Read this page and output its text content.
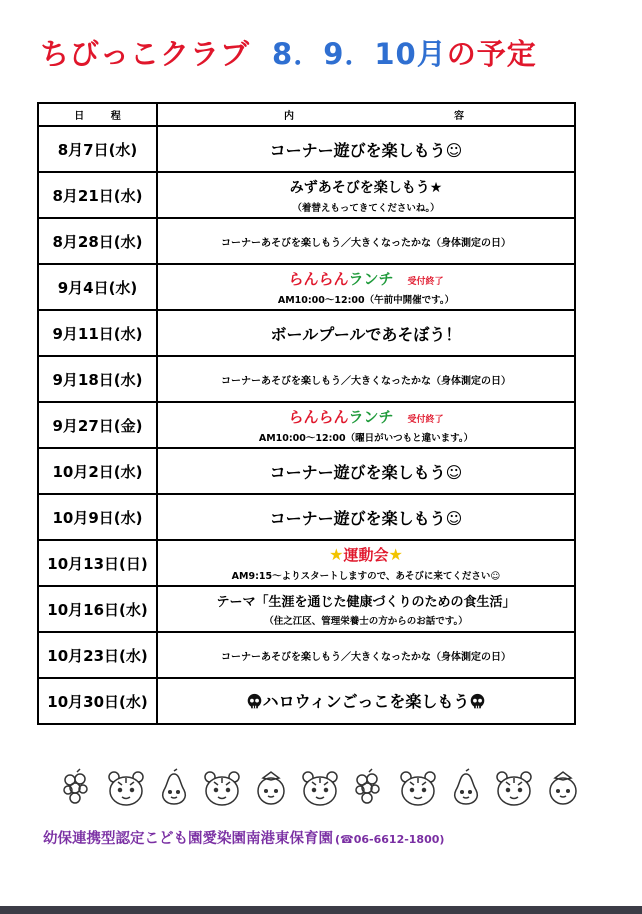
ちびっこクラブ 8．9．10月の予定
日 程	内 容

8月7日(水)	コーナー遊びを楽しもう☺
8月21日(水)	みずあそびを楽しもう★
（着替えもってきてくださいね。）

8月28日(水)	コーナーあそびを楽しもう／大きくなったかな（身体測定の日）
9月4日(水)	らんらんランチ 受付終了
AM10:00～12:00（午前中開催です。）

9月11日(水)	ボールプールであそぼう！
9月18日(水)	コーナーあそびを楽しもう／大きくなったかな（身体測定の日）
9月27日(金)	らんらんランチ 受付終了
AM10:00～12:00（曜日がいつもと違います。）

10月2日(水)	コーナー遊びを楽しもう☺
10月9日(水)	コーナー遊びを楽しもう☺
10月13日(日)	★運動会★
AM9:15～よりスタートしますので、あそびに来てください☺

10月16日(水)	テーマ「生涯を通じた健康づくりのための食生活」
（住之江区、管理栄養士の方からのお話です。）

10月23日(水)	コーナーあそびを楽しもう／大きくなったかな（身体測定の日）
10月30日(水)	ハロウィンごっこを楽しもう
幼保連携型認定こども園愛染園南港東保育園 (☎06-6612-1800)
